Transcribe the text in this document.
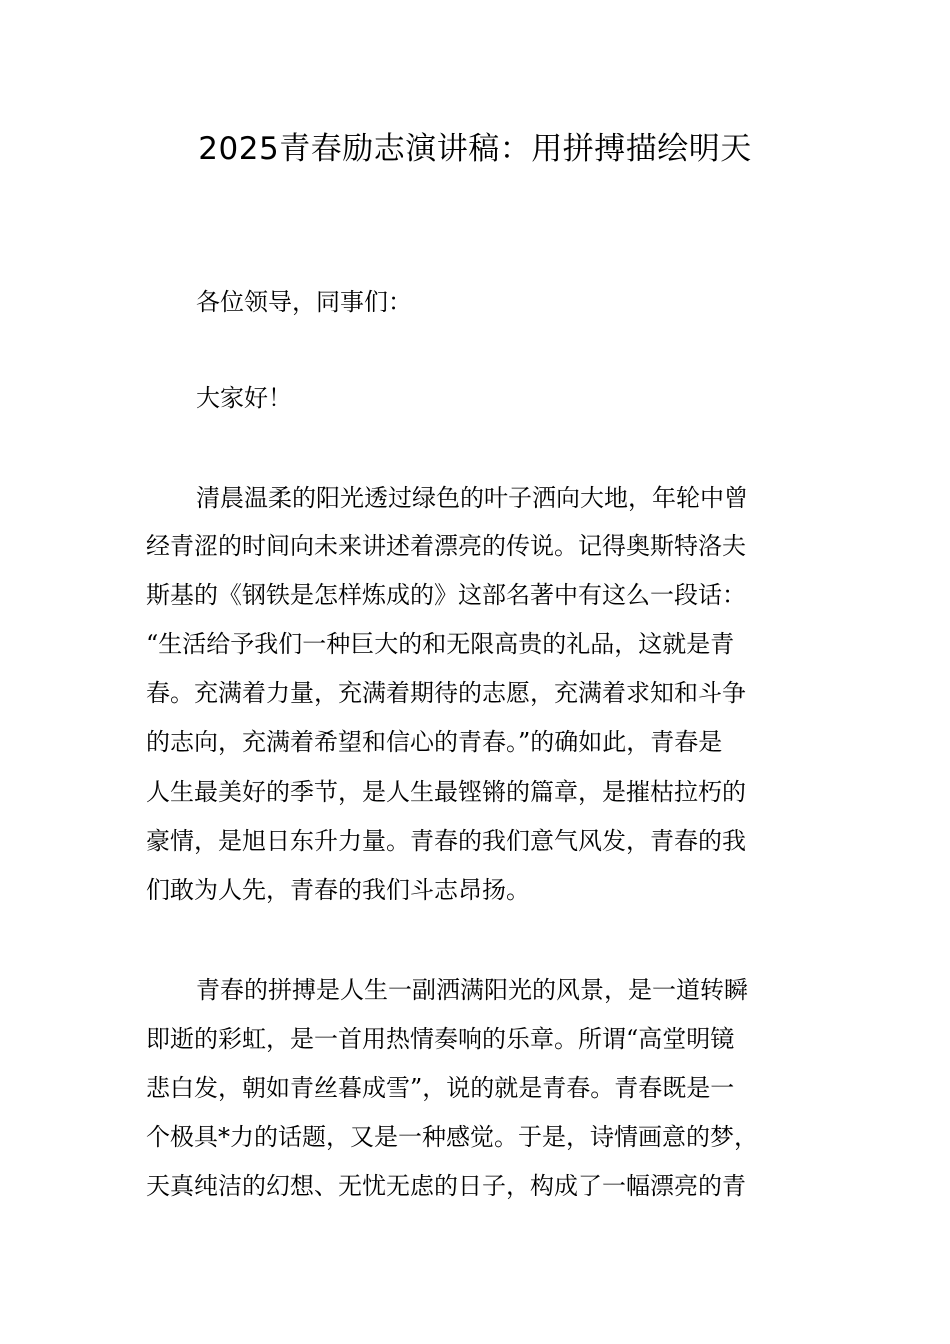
2025青春励志演讲稿：用拼搏描绘明天
各位领导，同事们：
大家好！
清晨温柔的阳光透过绿色的叶子洒向大地，年轮中曾
经青涩的时间向未来讲述着漂亮的传说。记得奥斯特洛夫
斯基的《钢铁是怎样炼成的》这部名著中有这么一段话：
“生活给予我们一种巨大的和无限高贵的礼品，这就是青
春。充满着力量，充满着期待的志愿，充满着求知和斗争
的志向，充满着希望和信心的青春。”的确如此，青春是
人生最美好的季节，是人生最铿锵的篇章，是摧枯拉朽的
豪情，是旭日东升力量。青春的我们意气风发，青春的我
们敢为人先，青春的我们斗志昂扬。
青春的拼搏是人生一副洒满阳光的风景，是一道转瞬
即逝的彩虹，是一首用热情奏响的乐章。所谓“高堂明镜
悲白发，朝如青丝暮成雪”，说的就是青春。青春既是一
个极具*力的话题，又是一种感觉。于是，诗情画意的梦，
天真纯洁的幻想、无忧无虑的日子，构成了一幅漂亮的青
